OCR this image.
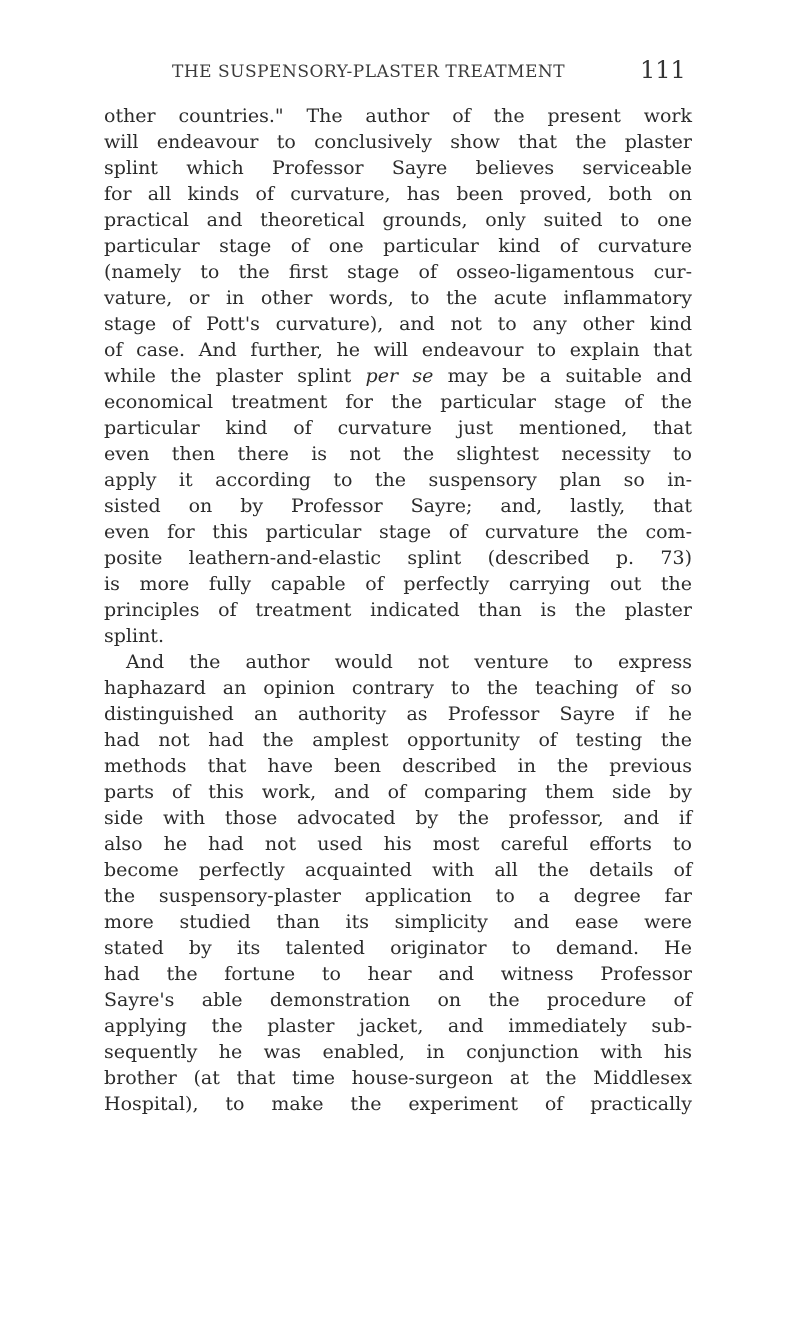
THE SUSPENSORY-PLASTER TREATMENT	111
other countries." The author of the present work
will endeavour to conclusively show that the plaster
splint which Professor Sayre believes serviceable
for all kinds of curvature, has been proved, both on
practical and theoretical grounds, only suited to one
particular stage of one particular kind of curvature
(namely to the first stage of osseo-ligamentous cur-
vature, or in other words, to the acute inflammatory
stage of Pott's curvature), and not to any other kind
of case. And further, he will endeavour to explain that
while the plaster splint per se may be a suitable and
economical treatment for the particular stage of the
particular kind of curvature just mentioned, that
even then there is not the slightest necessity to
apply it according to the suspensory plan so in-
sisted on by Professor Sayre; and, lastly, that
even for this particular stage of curvature the com-
posite leathern-and-elastic splint (described p. 73)
is more fully capable of perfectly carrying out the
principles of treatment indicated than is the plaster
splint.
And the author would not venture to express
haphazard an opinion contrary to the teaching of so
distinguished an authority as Professor Sayre if he
had not had the amplest opportunity of testing the
methods that have been described in the previous
parts of this work, and of comparing them side by
side with those advocated by the professor, and if
also he had not used his most careful efforts to
become perfectly acquainted with all the details of
the suspensory-plaster application to a degree far
more studied than its simplicity and ease were
stated by its talented originator to demand. He
had the fortune to hear and witness Professor
Sayre's able demonstration on the procedure of
applying the plaster jacket, and immediately sub-
sequently he was enabled, in conjunction with his
brother (at that time house-surgeon at the Middlesex
Hospital), to make the experiment of practically
